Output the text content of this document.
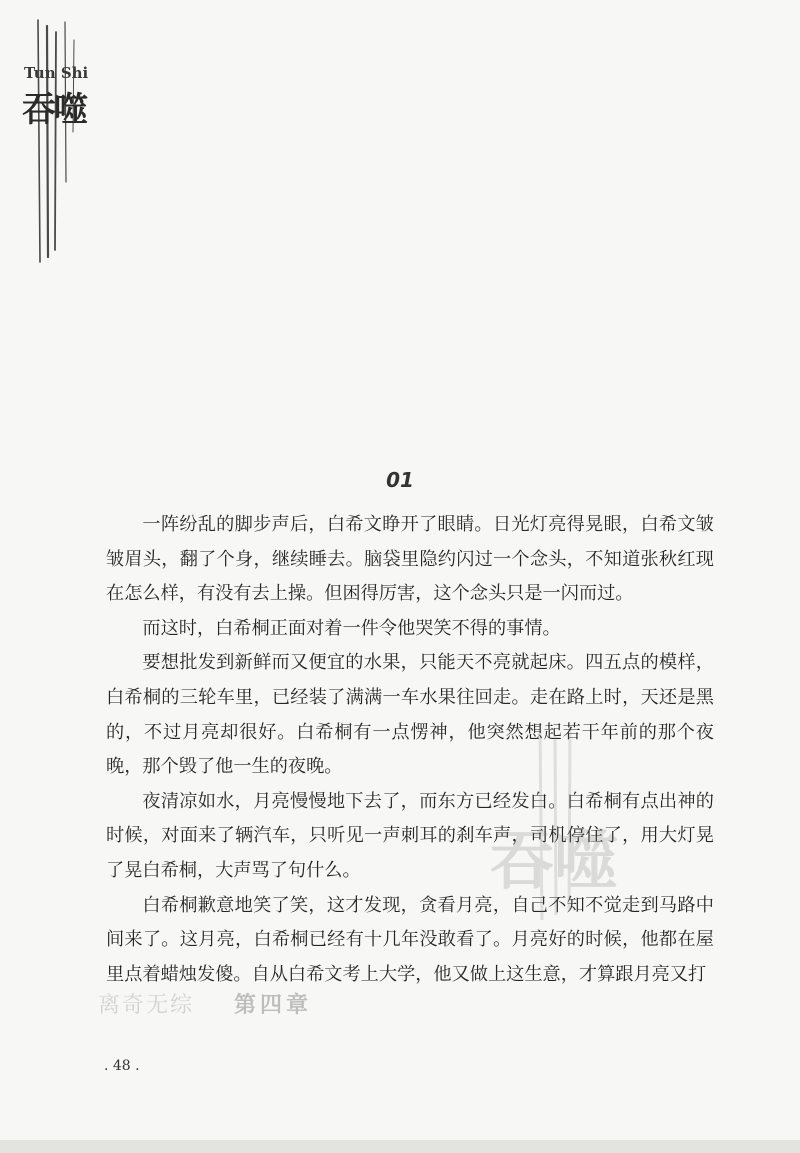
Tun Shi
吞噬
01

一阵纷乱的脚步声后，白希文睁开了眼睛。日光灯亮得晃眼，白希文皱皱眉头，翻了个身，继续睡去。脑袋里隐约闪过一个念头，不知道张秋红现在怎么样，有没有去上操。但困得厉害，这个念头只是一闪而过。

而这时，白希桐正面对着一件令他哭笑不得的事情。

要想批发到新鲜而又便宜的水果，只能天不亮就起床。四五点的模样，白希桐的三轮车里，已经装了满满一车水果往回走。走在路上时，天还是黑的，不过月亮却很好。白希桐有一点愣神，他突然想起若干年前的那个夜晚，那个毁了他一生的夜晚。

夜清凉如水，月亮慢慢地下去了，而东方已经发白。白希桐有点出神的时候，对面来了辆汽车，只听见一声刺耳的刹车声，司机停住了，用大灯晃了晃白希桐，大声骂了句什么。

白希桐歉意地笑了笑，这才发现，贪看月亮，自己不知不觉走到马路中间来了。这月亮，白希桐已经有十几年没敢看了。月亮好的时候，他都在屋里点着蜡烛发傻。自从白希文考上大学，他又做上这生意，才算跟月亮又打

吞噬
离奇无综 第四章
. 48 .
